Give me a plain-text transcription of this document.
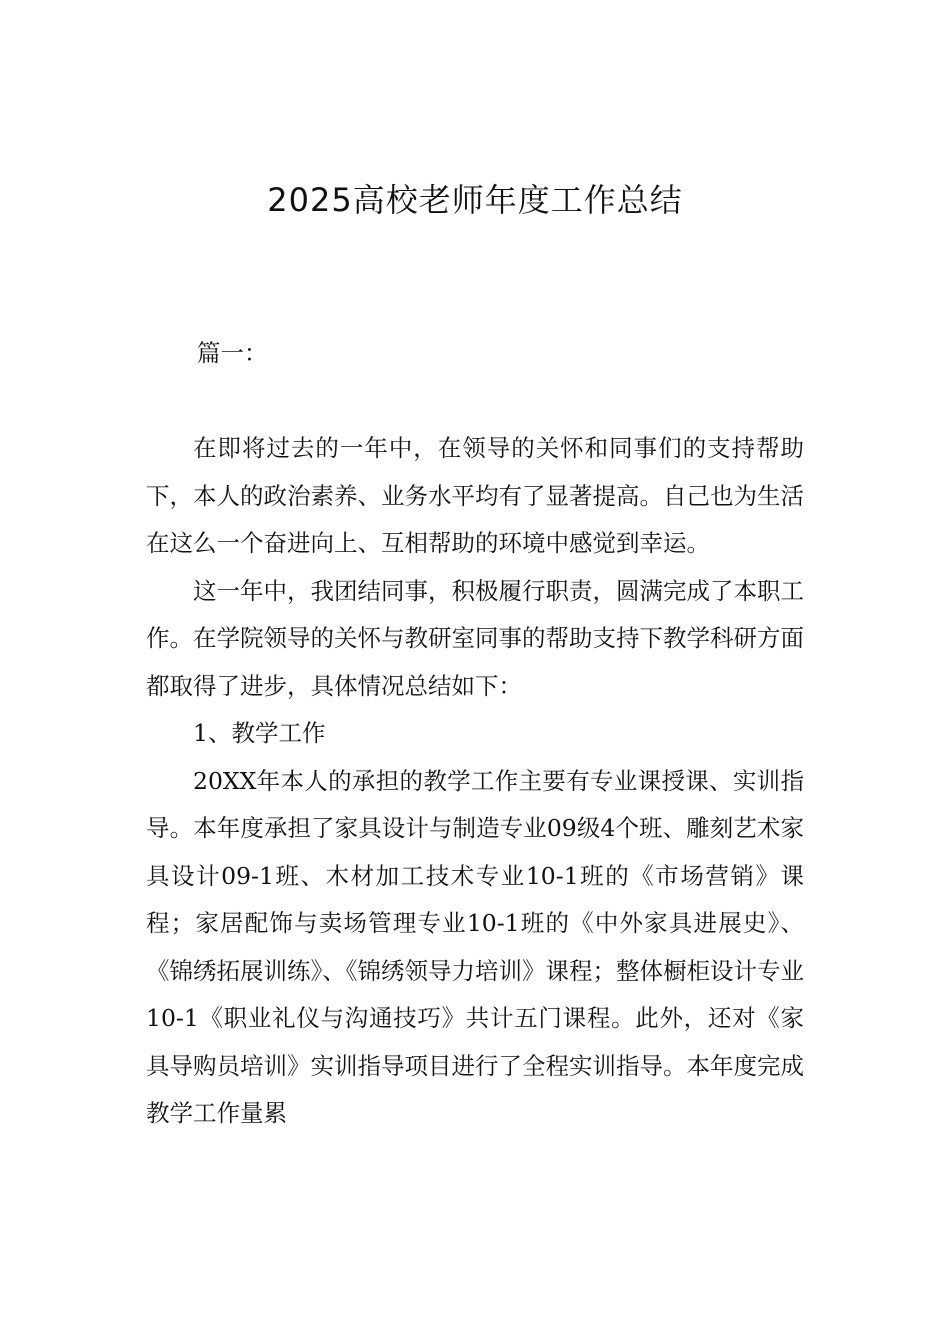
2025高校老师年度工作总结

篇一：

在即将过去的一年中，在领导的关怀和同事们的支持帮助下，本人的政治素养、业务水平均有了显著提高。自己也为生活在这么一个奋进向上、互相帮助的环境中感觉到幸运。

这一年中，我团结同事，积极履行职责，圆满完成了本职工作。在学院领导的关怀与教研室同事的帮助支持下教学科研方面都取得了进步，具体情况总结如下：

1、教学工作

20XX年本人的承担的教学工作主要有专业课授课、实训指导。本年度承担了家具设计与制造专业09级4个班、雕刻艺术家具设计09-1班、木材加工技术专业10-1班的《市场营销》课程；家居配饰与卖场管理专业10-1班的《中外家具进展史》、《锦绣拓展训练》、《锦绣领导力培训》课程；整体橱柜设计专业10-1《职业礼仪与沟通技巧》共计五门课程。此外，还对《家具导购员培训》实训指导项目进行了全程实训指导。本年度完成教学工作量累
